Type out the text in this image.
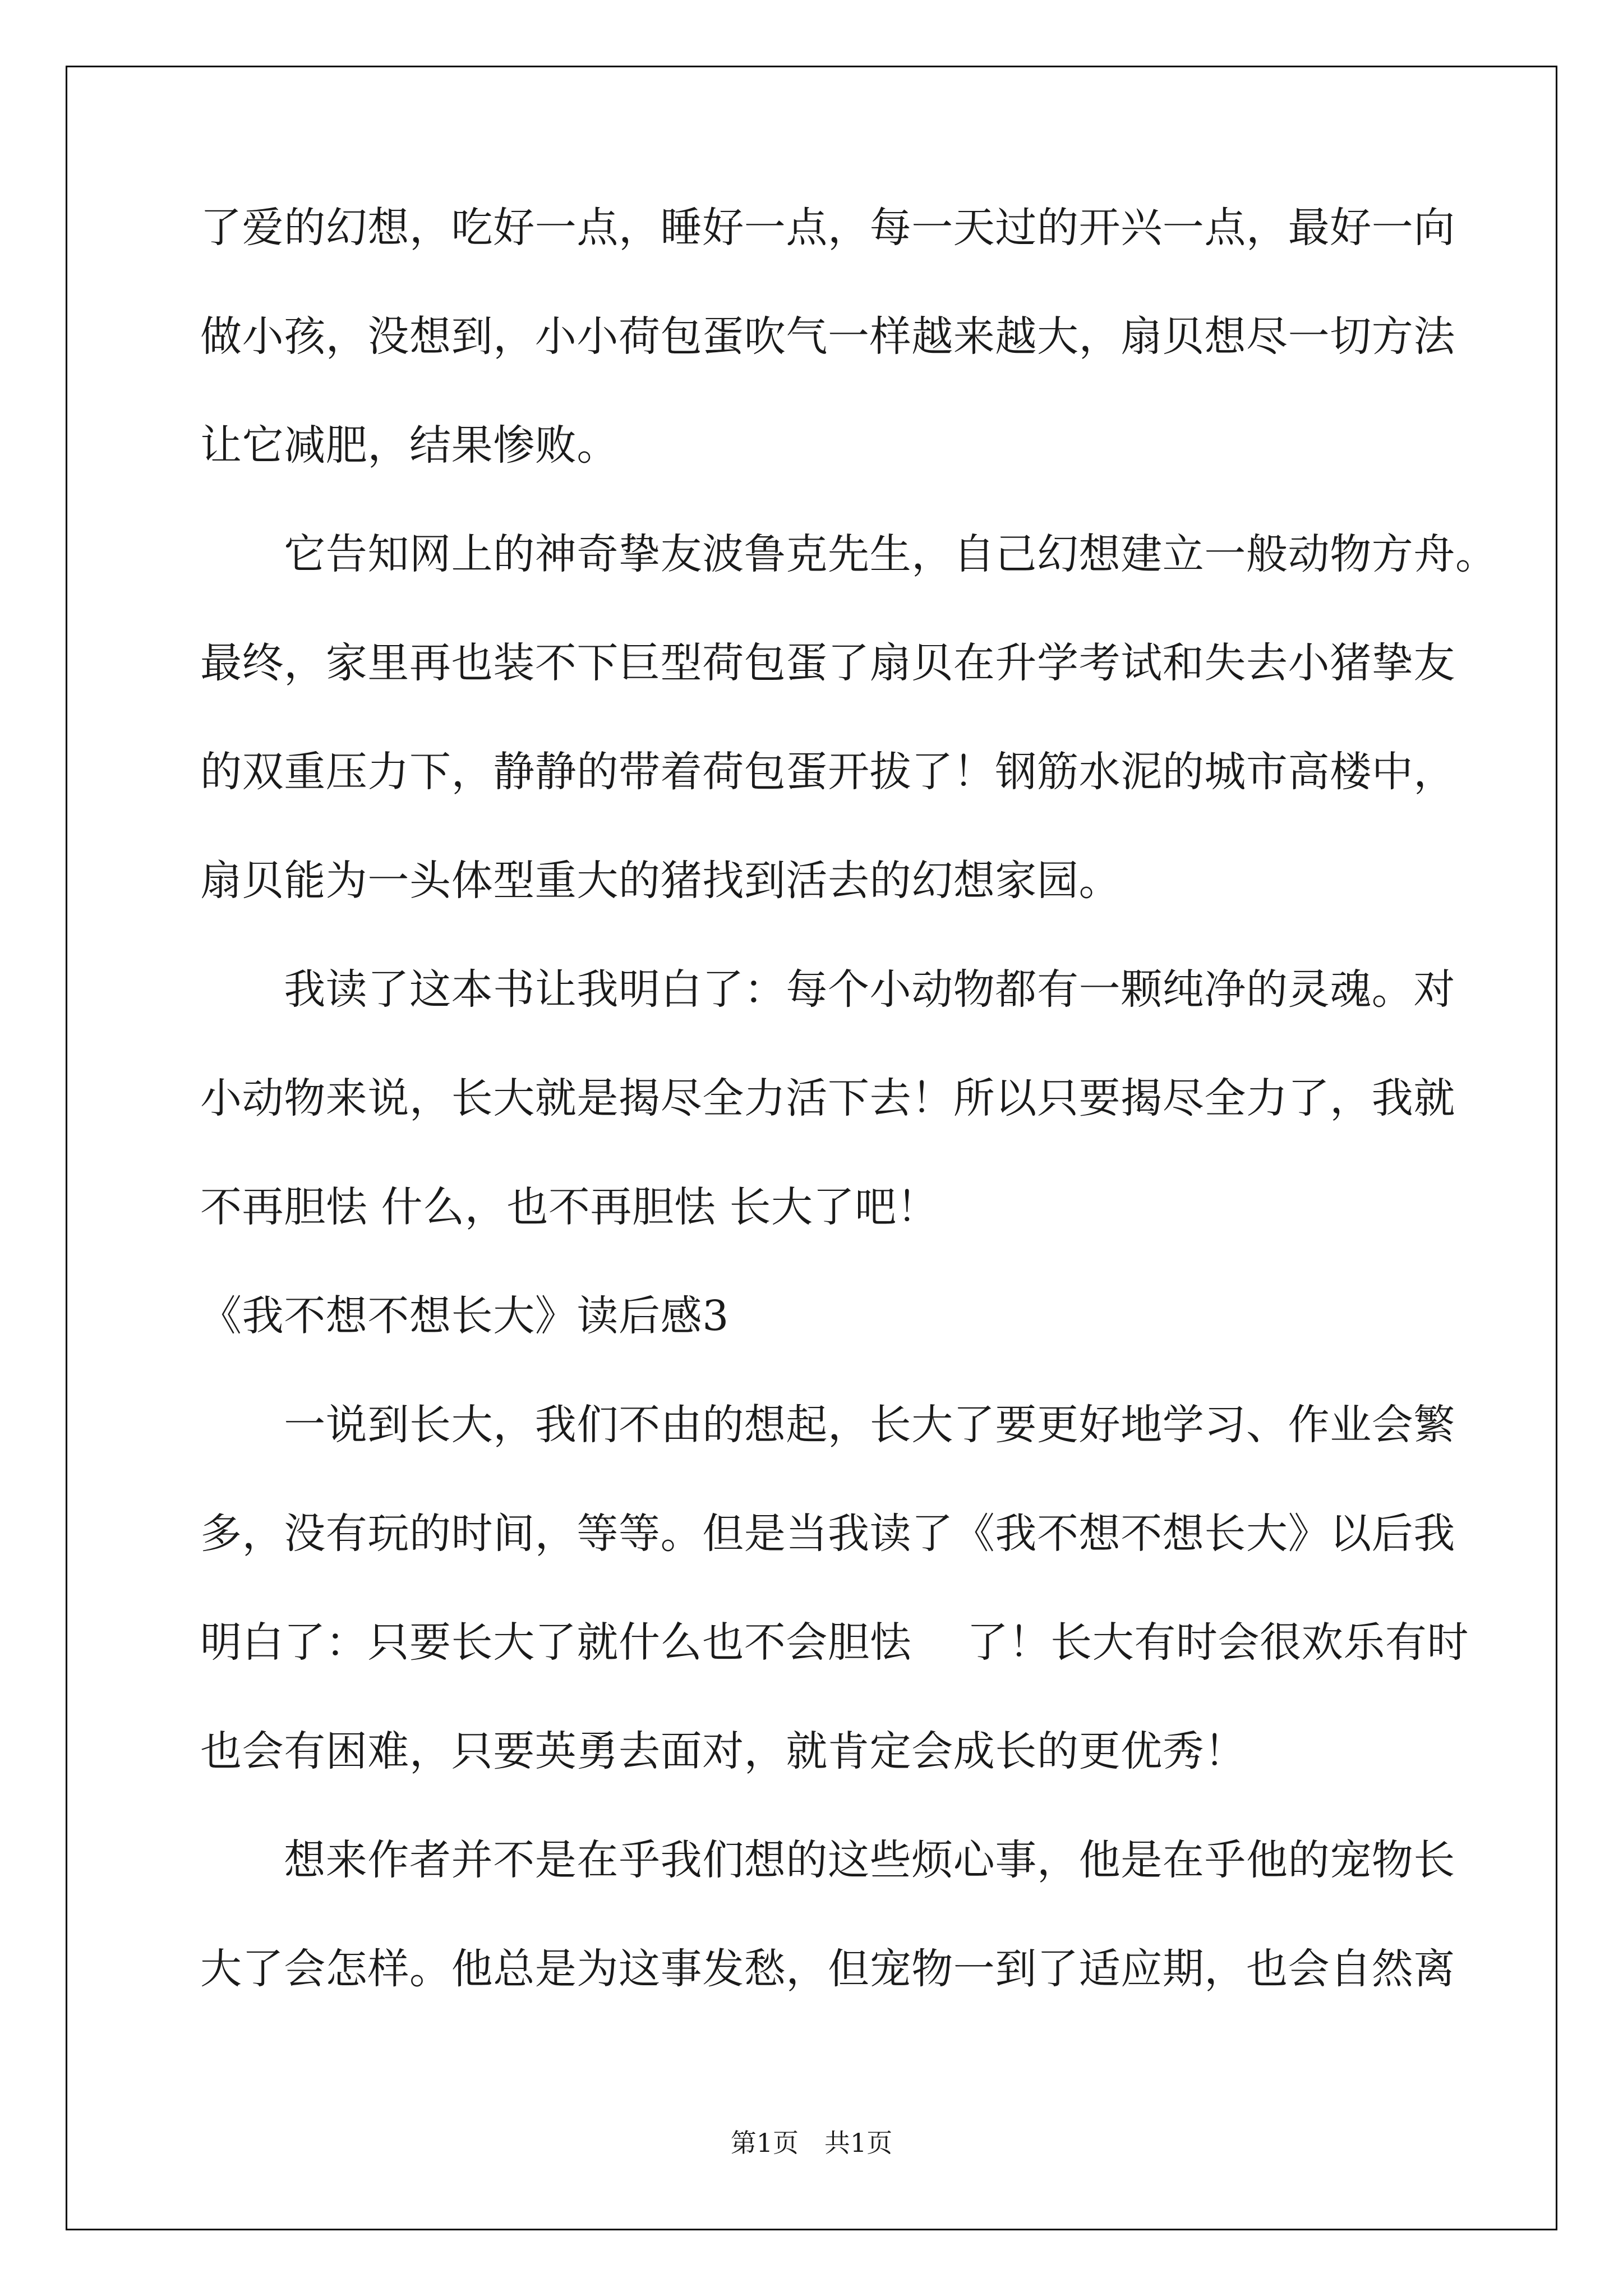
了爱的幻想，吃好一点，睡好一点，每一天过的开兴一点，最好一向
做小孩，没想到，小小荷包蛋吹气一样越来越大，扇贝想尽一切方法
让它减肥，结果惨败。
　　它告知网上的神奇挚友波鲁克先生，自己幻想建立一般动物方舟。
最终，家里再也装不下巨型荷包蛋了扇贝在升学考试和失去小猪挚友
的双重压力下，静静的带着荷包蛋开拔了！钢筋水泥的城市高楼中，
扇贝能为一头体型重大的猪找到活去的幻想家园。
　　我读了这本书让我明白了：每个小动物都有一颗纯净的灵魂。对
小动物来说，长大就是揭尽全力活下去！所以只要揭尽全力了，我就
不再胆怯 什么，也不再胆怯 长大了吧！
《我不想不想长大》读后感3
　　一说到长大，我们不由的想起，长大了要更好地学习、作业会繁
多，没有玩的时间，等等。但是当我读了《我不想不想长大》以后我
明白了：只要长大了就什么也不会胆怯　 了！长大有时会很欢乐有时
也会有困难，只要英勇去面对，就肯定会成长的更优秀！
　　想来作者并不是在乎我们想的这些烦心事，他是在乎他的宠物长
大了会怎样。他总是为这事发愁，但宠物一到了适应期，也会自然离
第1页　共1页
